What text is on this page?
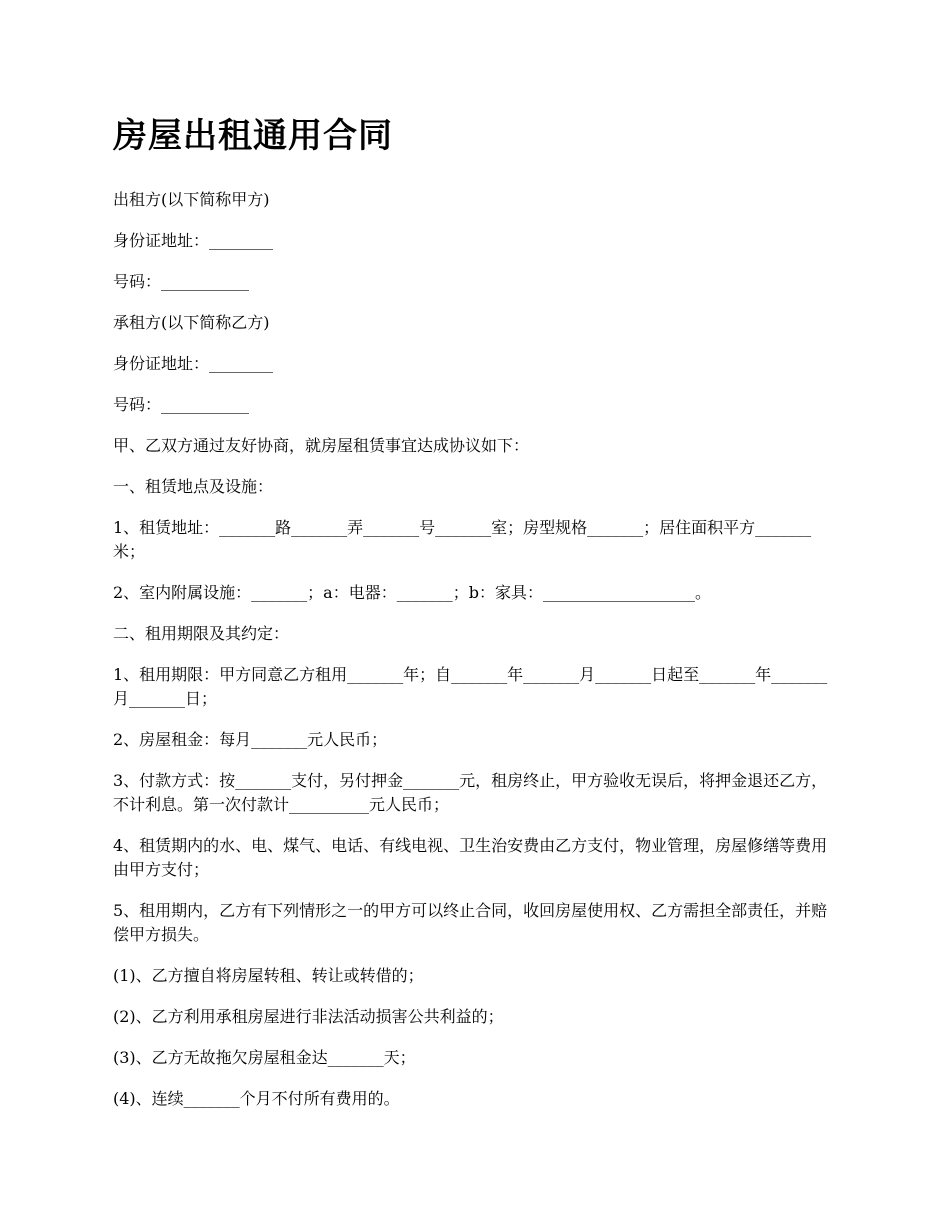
房屋出租通用合同

出租方(以下简称甲方)

身份证地址：________

号码：___________

承租方(以下简称乙方)

身份证地址：________

号码：___________

甲、乙双方通过友好协商，就房屋租赁事宜达成协议如下：

一、租赁地点及设施：

1、租赁地址：_______路_______弄_______号_______室；房型规格_______；居住面积平方_______米；

2、室内附属设施：_______；a：电器：_______；b：家具：___________________。

二、租用期限及其约定：

1、租用期限：甲方同意乙方租用_______年；自_______年_______月_______日起至_______年_______月_______日；

2、房屋租金：每月_______元人民币；

3、付款方式：按_______支付，另付押金_______元，租房终止，甲方验收无误后，将押金退还乙方，不计利息。第一次付款计__________元人民币；

4、租赁期内的水、电、煤气、电话、有线电视、卫生治安费由乙方支付，物业管理，房屋修缮等费用由甲方支付；

5、租用期内，乙方有下列情形之一的甲方可以终止合同，收回房屋使用权、乙方需担全部责任，并赔偿甲方损失。

(1)、乙方擅自将房屋转租、转让或转借的；

(2)、乙方利用承租房屋进行非法活动损害公共利益的；

(3)、乙方无故拖欠房屋租金达_______天；

(4)、连续_______个月不付所有费用的。
